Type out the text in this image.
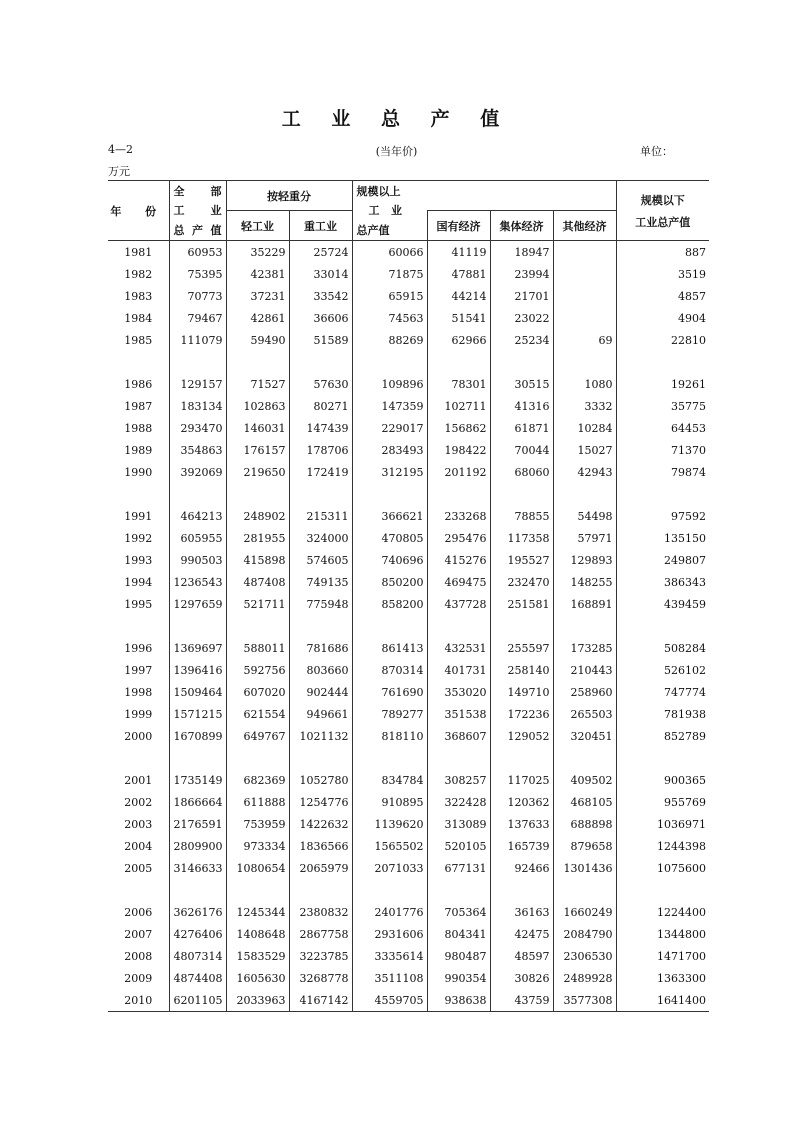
工 业 总 产 值
4—2	(当年价)	单位：
万元
年 份	全 部
工 业
总产值	按轻重分		规模以上
工 业
总产值				规模以下
工业总产值

		轻工业	重工业		国有经济	集体经济	其他经济	
1981	60953	35229	25724	60066	41119	18947		887
1982	75395	42381	33014	71875	47881	23994		3519
1983	70773	37231	33542	65915	44214	21701		4857
1984	79467	42861	36606	74563	51541	23022		4904
1985	111079	59490	51589	88269	62966	25234	69	22810

1986	129157	71527	57630	109896	78301	30515	1080	19261
1987	183134	102863	80271	147359	102711	41316	3332	35775
1988	293470	146031	147439	229017	156862	61871	10284	64453
1989	354863	176157	178706	283493	198422	70044	15027	71370
1990	392069	219650	172419	312195	201192	68060	42943	79874

1991	464213	248902	215311	366621	233268	78855	54498	97592
1992	605955	281955	324000	470805	295476	117358	57971	135150
1993	990503	415898	574605	740696	415276	195527	129893	249807
1994	1236543	487408	749135	850200	469475	232470	148255	386343
1995	1297659	521711	775948	858200	437728	251581	168891	439459

1996	1369697	588011	781686	861413	432531	255597	173285	508284
1997	1396416	592756	803660	870314	401731	258140	210443	526102
1998	1509464	607020	902444	761690	353020	149710	258960	747774
1999	1571215	621554	949661	789277	351538	172236	265503	781938
2000	1670899	649767	1021132	818110	368607	129052	320451	852789

2001	1735149	682369	1052780	834784	308257	117025	409502	900365
2002	1866664	611888	1254776	910895	322428	120362	468105	955769
2003	2176591	753959	1422632	1139620	313089	137633	688898	1036971
2004	2809900	973334	1836566	1565502	520105	165739	879658	1244398
2005	3146633	1080654	2065979	2071033	677131	92466	1301436	1075600

2006	3626176	1245344	2380832	2401776	705364	36163	1660249	1224400
2007	4276406	1408648	2867758	2931606	804341	42475	2084790	1344800
2008	4807314	1583529	3223785	3335614	980487	48597	2306530	1471700
2009	4874408	1605630	3268778	3511108	990354	30826	2489928	1363300
2010	6201105	2033963	4167142	4559705	938638	43759	3577308	1641400
